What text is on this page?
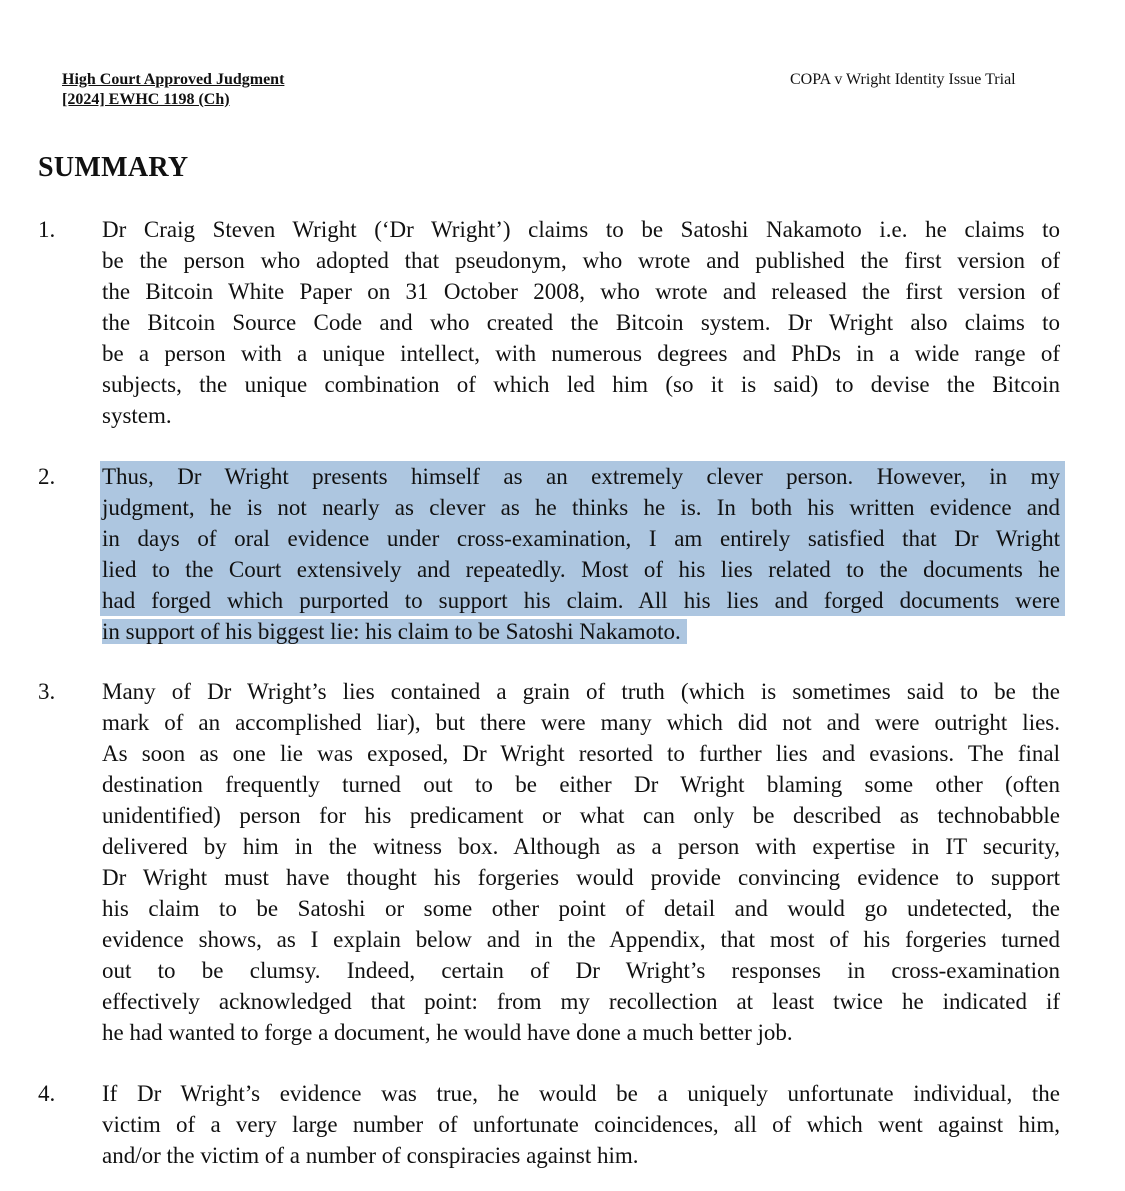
High Court Approved Judgment
[2024] EWHC 1198 (Ch)
COPA v Wright Identity Issue Trial
SUMMARY
1. Dr Craig Steven Wright (‘Dr Wright’) claims to be Satoshi Nakamoto i.e. he claims to
be the person who adopted that pseudonym, who wrote and published the first version of
the Bitcoin White Paper on 31 October 2008, who wrote and released the first version of
the Bitcoin Source Code and who created the Bitcoin system. Dr Wright also claims to
be a person with a unique intellect, with numerous degrees and PhDs in a wide range of
subjects, the unique combination of which led him (so it is said) to devise the Bitcoin
system.
2. Thus, Dr Wright presents himself as an extremely clever person. However, in my
judgment, he is not nearly as clever as he thinks he is. In both his written evidence and
in days of oral evidence under cross-examination, I am entirely satisfied that Dr Wright
lied to the Court extensively and repeatedly. Most of his lies related to the documents he
had forged which purported to support his claim. All his lies and forged documents were
in support of his biggest lie: his claim to be Satoshi Nakamoto.
3. Many of Dr Wright’s lies contained a grain of truth (which is sometimes said to be the
mark of an accomplished liar), but there were many which did not and were outright lies.
As soon as one lie was exposed, Dr Wright resorted to further lies and evasions. The final
destination frequently turned out to be either Dr Wright blaming some other (often
unidentified) person for his predicament or what can only be described as technobabble
delivered by him in the witness box. Although as a person with expertise in IT security,
Dr Wright must have thought his forgeries would provide convincing evidence to support
his claim to be Satoshi or some other point of detail and would go undetected, the
evidence shows, as I explain below and in the Appendix, that most of his forgeries turned
out to be clumsy. Indeed, certain of Dr Wright’s responses in cross-examination
effectively acknowledged that point: from my recollection at least twice he indicated if
he had wanted to forge a document, he would have done a much better job.
4. If Dr Wright’s evidence was true, he would be a uniquely unfortunate individual, the
victim of a very large number of unfortunate coincidences, all of which went against him,
and/or the victim of a number of conspiracies against him.
